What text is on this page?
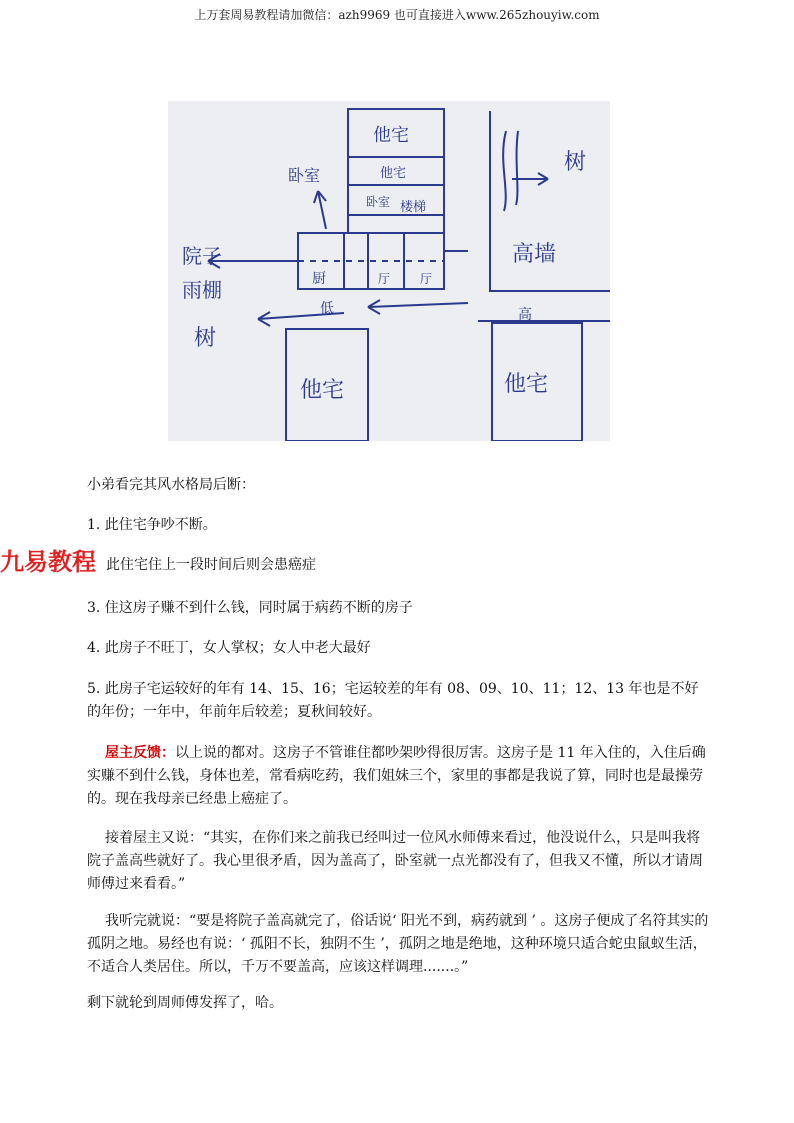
上万套周易教程请加微信：azh9969 也可直接进入www.265zhouyiw.com
他宅
他宅
卧室
卧室 楼梯
树
高墙
院子
雨棚
树
厨	厅 厅
高
他宅	他宅
低

小弟看完其风水格局后断：

1. 此住宅争吵不断。

九易教程 此住宅住上一段时间后则会患癌症

3. 住这房子赚不到什么钱，同时属于病药不断的房子

4. 此房子不旺丁，女人掌权；女人中老大最好

5. 此房子宅运较好的年有 14、15、16；宅运较差的年有 08、09、10、11；12、13 年也是不好的年份；一年中，年前年后较差；夏秋间较好。

屋主反馈：以上说的都对。这房子不管谁住都吵架吵得很厉害。这房子是 11 年入住的，入住后确实赚不到什么钱，身体也差，常看病吃药，我们姐妹三个，家里的事都是我说了算，同时也是最操劳的。现在我母亲已经患上癌症了。

接着屋主又说：“其实，在你们来之前我已经叫过一位风水师傅来看过，他没说什么，只是叫我将院子盖高些就好了。我心里很矛盾，因为盖高了，卧室就一点光都没有了，但我又不懂，所以才请周师傅过来看看。”

我听完就说：“要是将院子盖高就完了，俗话说‘ 阳光不到，病药就到 ’ 。这房子便成了名符其实的孤阴之地。易经也有说：‘ 孤阳不长，独阴不生 ’，孤阴之地是绝地，这种环境只适合蛇虫鼠蚁生活，不适合人类居住。所以，千万不要盖高，应该这样调理.......。”

剩下就轮到周师傅发挥了，哈。
